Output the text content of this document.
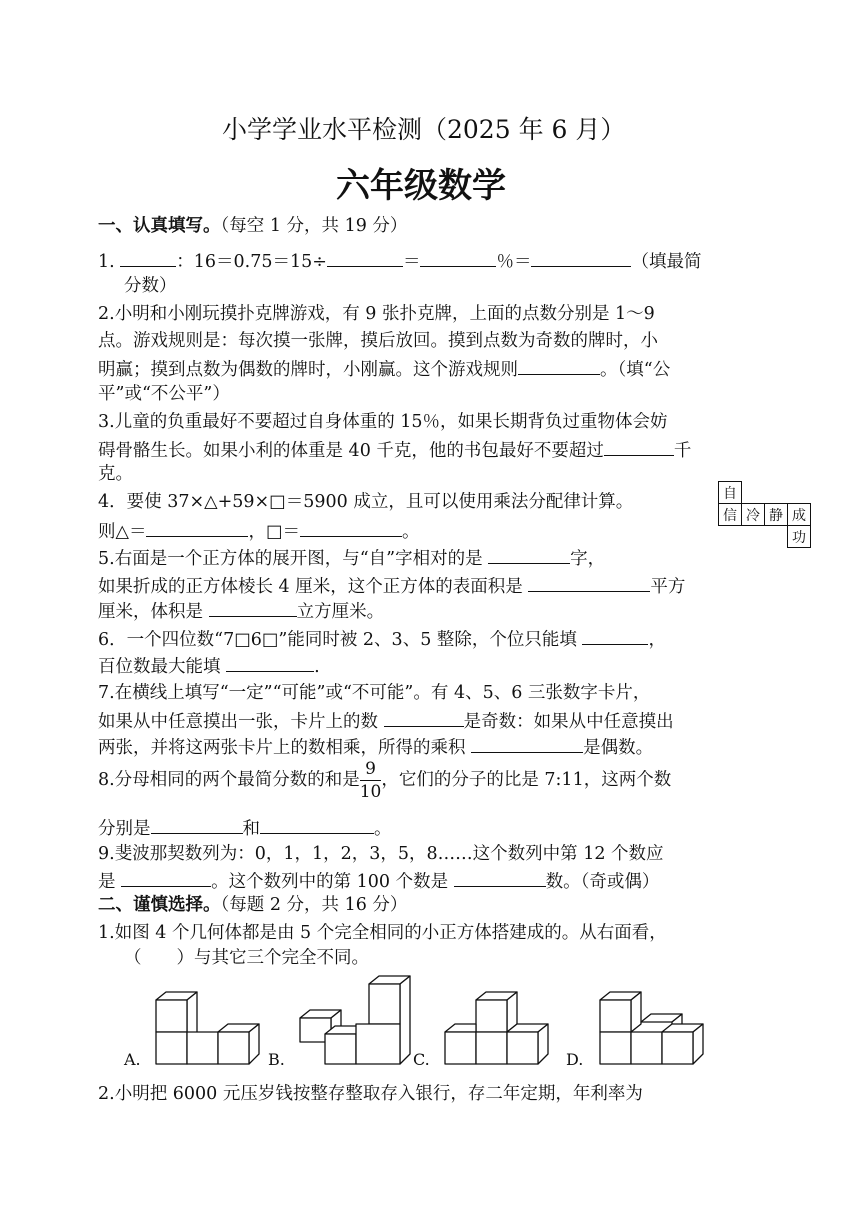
小学学业水平检测（2025 年 6 月）
六年级数学
一、认真填写。（每空 1 分，共 19 分）
1.	：16＝0.75＝15÷	＝	％＝	（填最简
分数）
2.小明和小刚玩摸扑克牌游戏，有 9 张扑克牌，上面的点数分别是 1～9
点。游戏规则是：每次摸一张牌，摸后放回。摸到点数为奇数的牌时，小
明赢；摸到点数为偶数的牌时，小刚赢。这个游戏规则	。（填“公
平”或“不公平”）
3.儿童的负重最好不要超过自身体重的 15％，如果长期背负过重物体会妨
碍骨骼生长。如果小利的体重是 40 千克，他的书包最好不要超过	千
克。
4．要使 37×△+59×□＝5900 成立，且可以使用乘法分配律计算。
则△＝	，□＝	。
自			
信	冷	静	成
			功
5.右面是一个正方体的展开图，与“自”字相对的是	字，
如果折成的正方体棱长 4 厘米，这个正方体的表面积是	平方
厘米，体积是	立方厘米。
6．一个四位数“7□6□”能同时被 2、3、5 整除，个位只能填	，
百位数最大能填	.
7.在横线上填写“一定”“可能”或“不可能”。有 4、5、6 三张数字卡片，
如果从中任意摸出一张，卡片上的数	是奇数：如果从中任意摸出
两张，并将这两张卡片上的数相乘，所得的乘积	是偶数。
8.分母相同的两个最简分数的和是 $\frac{9}{10}$ ，它们的分子的比是 7:11，这两个数
分别是	和	。
9.斐波那契数列为：0，1，1，2，3，5，8……这个数列中第 12 个数应
是	。这个数列中的第 100 个数是	数。（奇或偶）
二、谨慎选择。（每题 2 分，共 16 分）
1.如图 4 个几何体都是由 5 个完全相同的小正方体搭建成的。从右面看，
（　　）与其它三个完全不同。
A.	B.	C.	D.
2.小明把 6000 元压岁钱按整存整取存入银行，存二年定期，年利率为
